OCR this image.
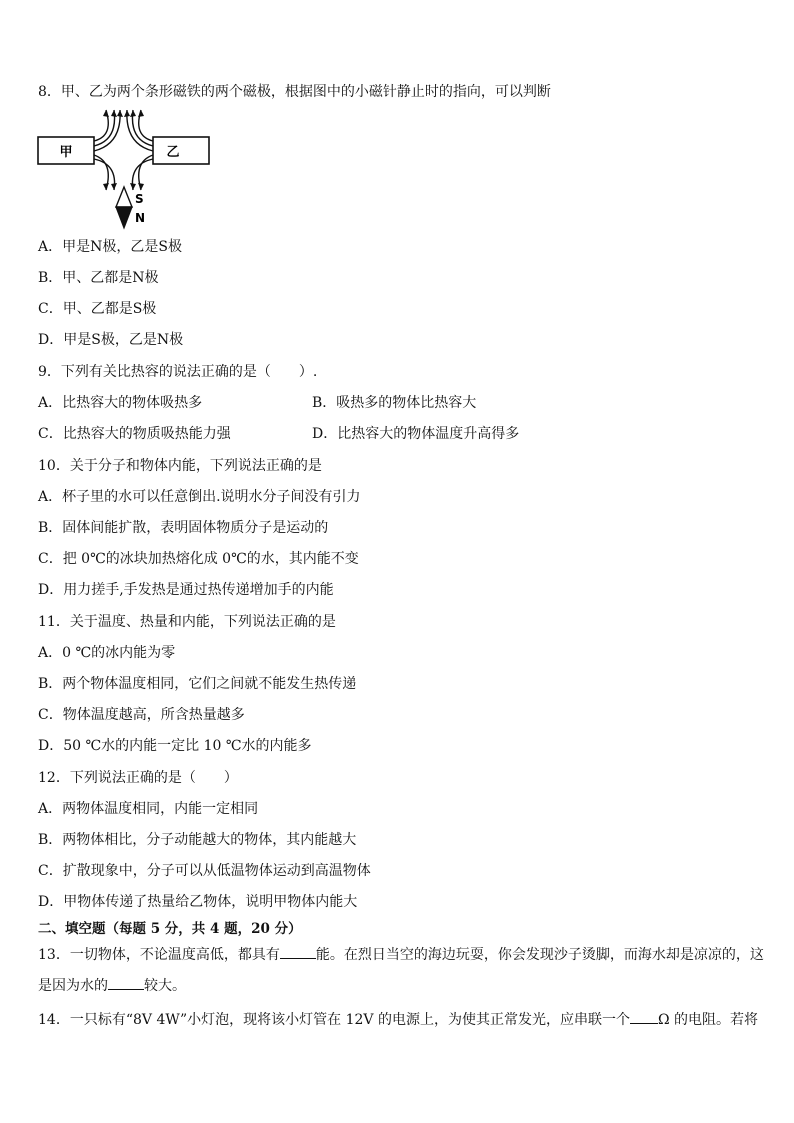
8．甲、乙为两个条形磁铁的两个磁极，根据图中的小磁针静止时的指向，可以判断
甲	乙
S
N
A．甲是N极，乙是S极
B．甲、乙都是N极
C．甲、乙都是S极
D．甲是S极，乙是N极
9．下列有关比热容的说法正确的是（　　）.
A．比热容大的物体吸热多	B．吸热多的物体比热容大
C．比热容大的物质吸热能力强	D．比热容大的物体温度升高得多
10．关于分子和物体内能，下列说法正确的是
A．杯子里的水可以任意倒出.说明水分子间没有引力
B．固体间能扩散，表明固体物质分子是运动的
C．把 0℃的冰块加热熔化成 0℃的水，其内能不变
D．用力搓手,手发热是通过热传递增加手的内能
11．关于温度、热量和内能，下列说法正确的是
A．0 ℃的冰内能为零
B．两个物体温度相同，它们之间就不能发生热传递
C．物体温度越高，所含热量越多
D．50 ℃水的内能一定比 10 ℃水的内能多
12．下列说法正确的是（　　）
A．两物体温度相同，内能一定相同
B．两物体相比，分子动能越大的物体，其内能越大
C．扩散现象中，分子可以从低温物体运动到高温物体
D．甲物体传递了热量给乙物体，说明甲物体内能大
二、填空题（每题 5 分，共 4 题，20 分）
13．一切物体，不论温度高低，都具有	能。在烈日当空的海边玩耍，你会发现沙子烫脚，而海水却是凉凉的，这
是因为水的	较大。
14．一只标有“8V 4W”小灯泡，现将该小灯管在 12V 的电源上，为使其正常发光，应串联一个 Ω 的电阻。若将
